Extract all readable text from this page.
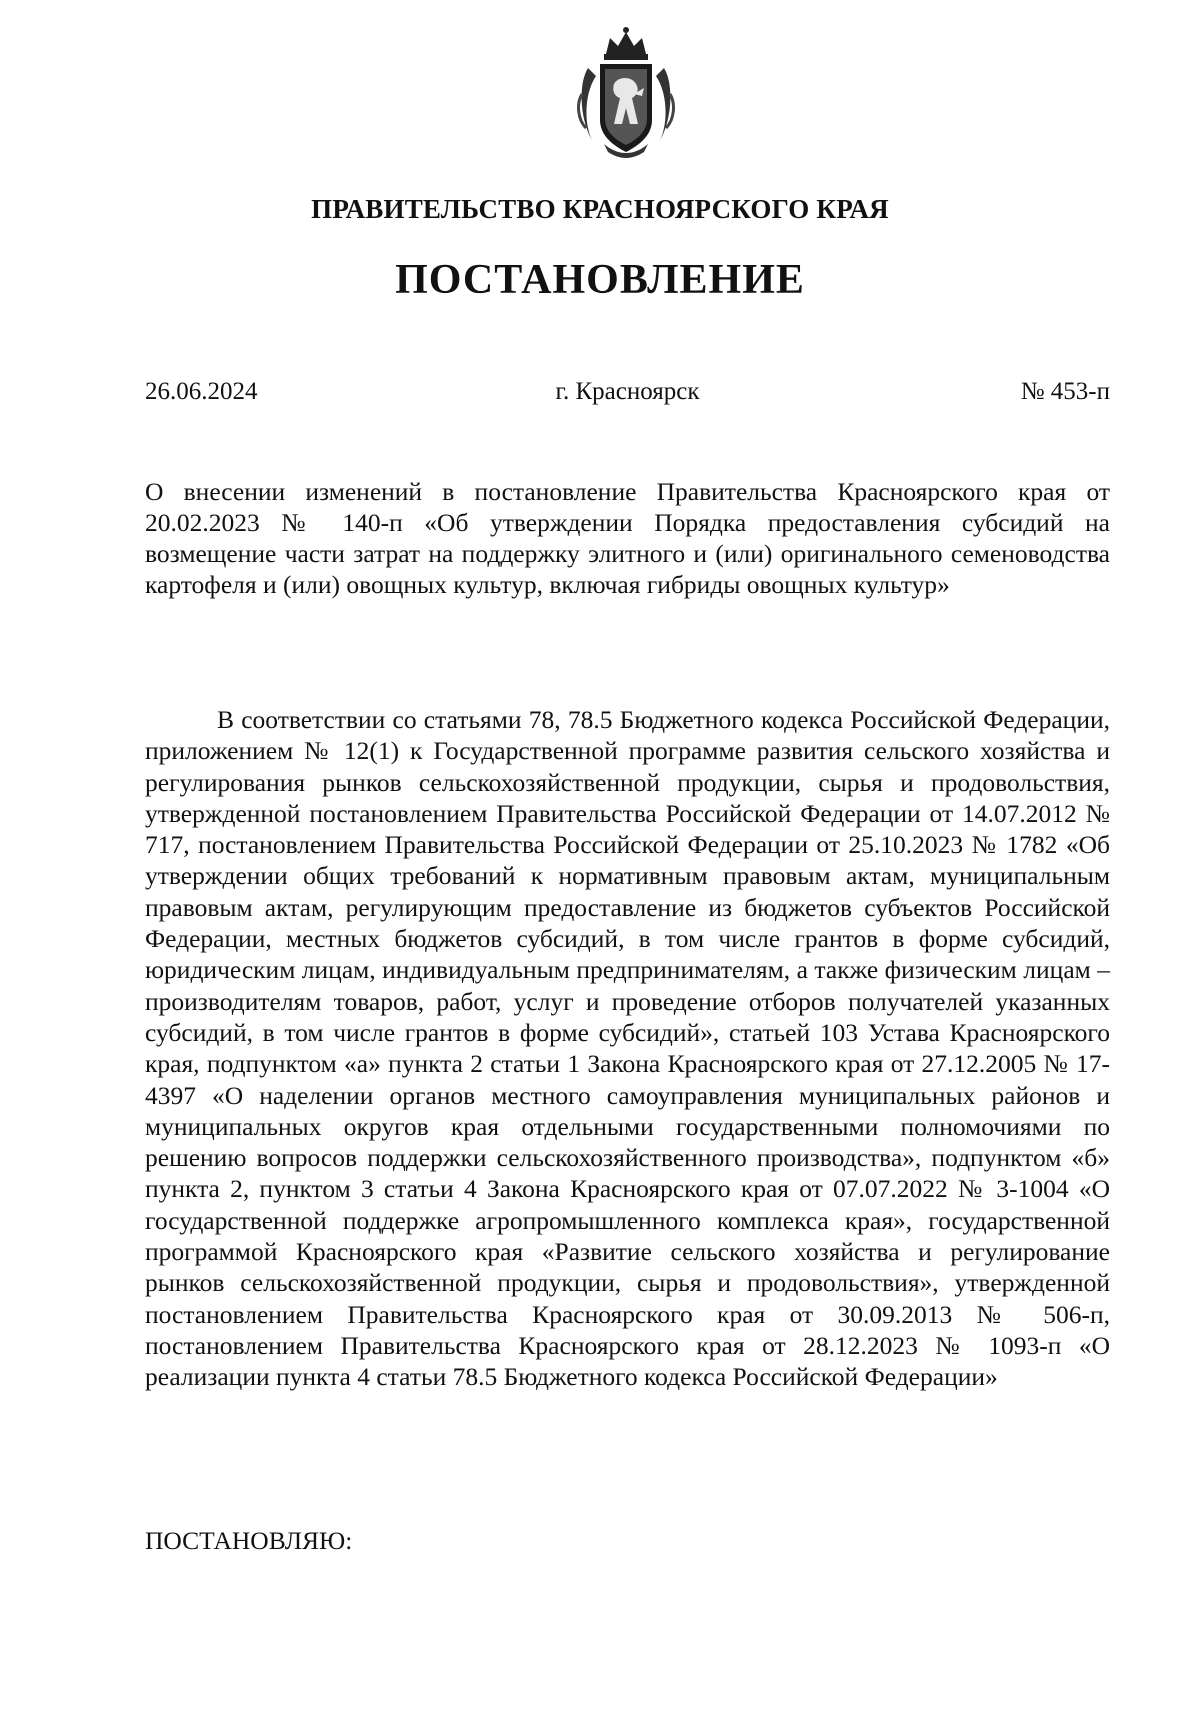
ПРАВИТЕЛЬСТВО КРАСНОЯРСКОГО КРАЯ
ПОСТАНОВЛЕНИЕ
26.06.2024	г. Красноярск	№ 453-п
О внесении изменений в постановление Правительства Красноярского края от 20.02.2023 № 140-п «Об утверждении Порядка предоставления субсидий на возмещение части затрат на поддержку элитного и (или) оригинального семеноводства картофеля и (или) овощных культур, включая гибриды овощных культур»
В соответствии со статьями 78, 78.5 Бюджетного кодекса Российской Федерации, приложением № 12(1) к Государственной программе развития сельского хозяйства и регулирования рынков сельскохозяйственной продукции, сырья и продовольствия, утвержденной постановлением Правительства Российской Федерации от 14.07.2012 № 717, постановлением Правительства Российской Федерации от 25.10.2023 № 1782 «Об утверждении общих требований к нормативным правовым актам, муниципальным правовым актам, регулирующим предоставление из бюджетов субъектов Российской Федерации, местных бюджетов субсидий, в том числе грантов в форме субсидий, юридическим лицам, индивидуальным предпринимателям, а также физическим лицам – производителям товаров, работ, услуг и проведение отборов получателей указанных субсидий, в том числе грантов в форме субсидий», статьей 103 Устава Красноярского края, подпунктом «а» пункта 2 статьи 1 Закона Красноярского края от 27.12.2005 № 17-4397 «О наделении органов местного самоуправления муниципальных районов и муниципальных округов края отдельными государственными полномочиями по решению вопросов поддержки сельскохозяйственного производства», подпунктом «б» пункта 2, пунктом 3 статьи 4 Закона Красноярского края от 07.07.2022 № 3-1004 «О государственной поддержке агропромышленного комплекса края», государственной программой Красноярского края «Развитие сельского хозяйства и регулирование рынков сельскохозяйственной продукции, сырья и продовольствия», утвержденной постановлением Правительства Красноярского края от 30.09.2013 № 506-п, постановлением Правительства Красноярского края от 28.12.2023 № 1093-п «О реализации пункта 4 статьи 78.5 Бюджетного кодекса Российской Федерации»
ПОСТАНОВЛЯЮ:
